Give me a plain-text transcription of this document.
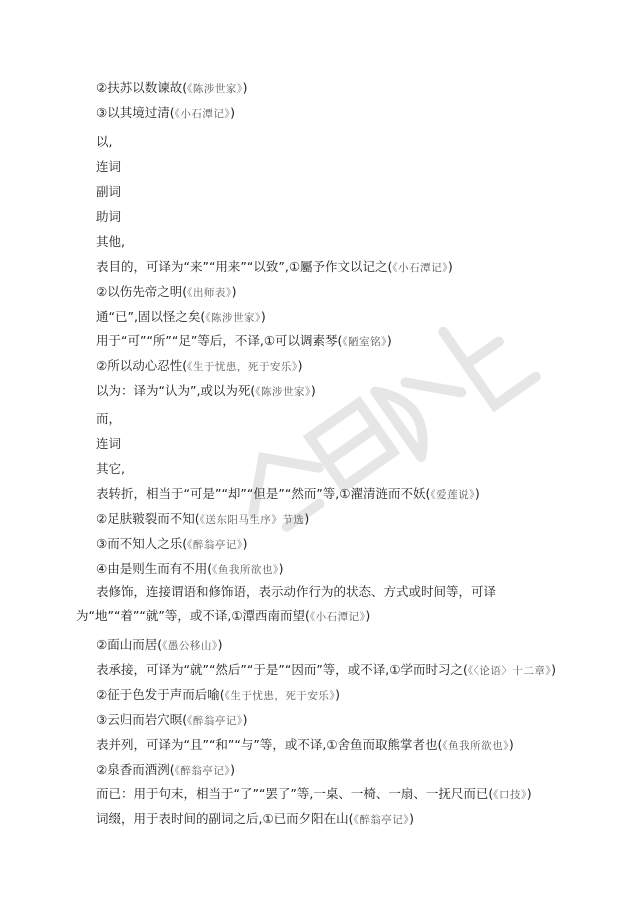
②扶苏以数谏故(《陈涉世家》)
③以其境过清(《小石潭记》)
以,
连词
副词
助词
其他,
表目的，可译为“来”“用来”“以致”,①屬予作文以记之(《小石潭记》)
②以伤先帝之明(《出师表》)
通“已”,固以怪之矣(《陈涉世家》)
用于“可”“所”“足”等后，不译,①可以调素琴(《陋室铭》)
②所以动心忍性(《生于忧患，死于安乐》)
以为：译为“认为”,或以为死(《陈涉世家》)
而，
连词
其它,
表转折，相当于“可是”“却”“但是”“然而”等,①濯清涟而不妖(《爱莲说》)
②足肤皲裂而不知(《送东阳马生序》节选)
③而不知人之乐(《醉翁亭记》)
④由是则生而有不用(《鱼我所欲也》)
表修饰，连接谓语和修饰语，表示动作行为的状态、方式或时间等，可译为“地”“着”“就”等，或不译,①潭西南而望(《小石潭记》)
②面山而居(《愚公移山》)
表承接，可译为“就”“然后”“于是”“因而”等，或不译,①学而时习之(《〈论语〉十二章》)
②征于色发于声而后喻(《生于忧患，死于安乐》)
③云归而岩穴暝(《醉翁亭记》)
表并列，可译为“且”“和”“与”等，或不译,①舍鱼而取熊掌者也(《鱼我所欲也》)
②泉香而酒洌(《醉翁亭记》)
而已：用于句末，相当于“了”“罢了”等,一桌、一椅、一扇、一抚尺而已(《口技》)
词缀，用于表时间的副词之后,①已而夕阳在山(《醉翁亭记》)
